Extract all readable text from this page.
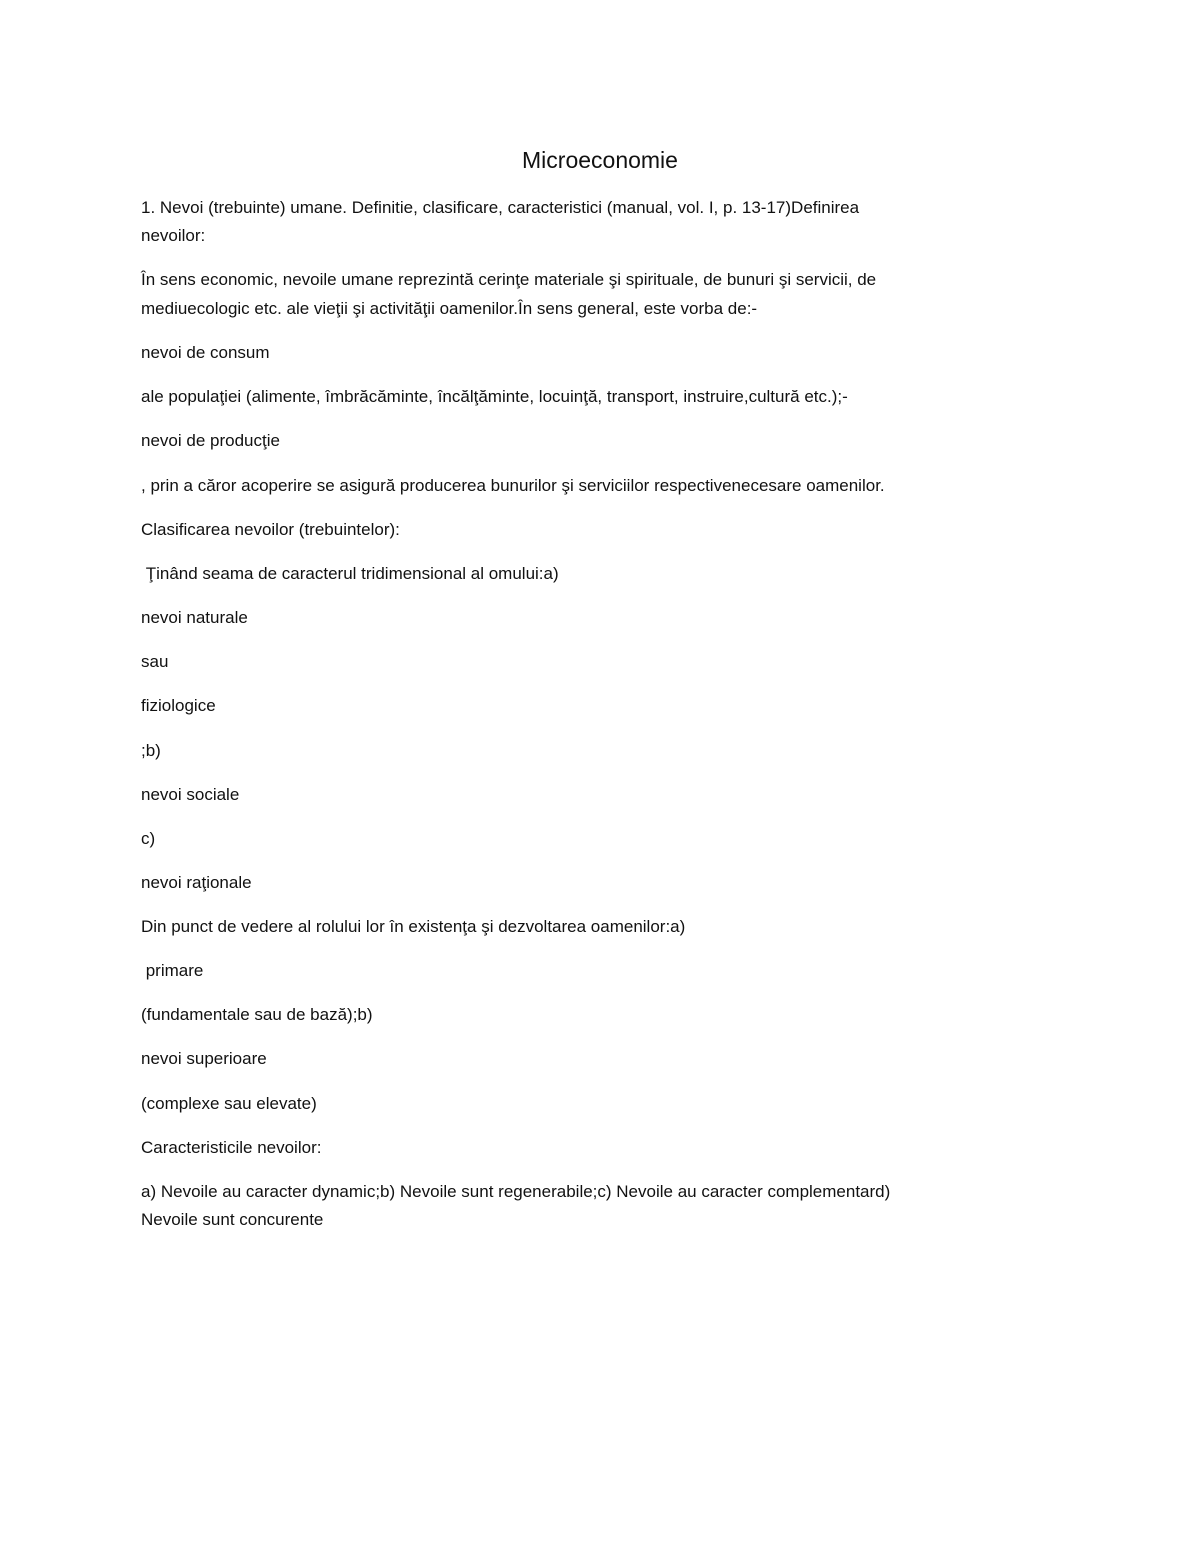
Microeconomie

1. Nevoi (trebuinte) umane. Definitie, clasificare, caracteristici (manual, vol. I, p. 13-17)Definirea

nevoilor:

În sens economic, nevoile umane reprezintă cerinţe materiale şi spirituale, de bunuri şi servicii, de

mediuecologic etc. ale vieţii şi activităţii oamenilor.În sens general, este vorba de:-

nevoi de consum

ale populaţiei (alimente, îmbrăcăminte, încălţăminte, locuinţă, transport, instruire,cultură etc.);-

nevoi de producţie

, prin a căror acoperire se asigură producerea bunurilor şi serviciilor respectivenecesare oamenilor.

Clasificarea nevoilor (trebuintelor):

Ţinând seama de caracterul tridimensional al omului:a)

nevoi naturale

sau

fiziologice

;b)

nevoi sociale

c)

nevoi raţionale

Din punct de vedere al rolului lor în existenţa şi dezvoltarea oamenilor:a)

primare

(fundamentale sau de bază);b)

nevoi superioare

(complexe sau elevate)

Caracteristicile nevoilor:

a) Nevoile au caracter dynamic;b) Nevoile sunt regenerabile;c) Nevoile au caracter complementard)

Nevoile sunt concurente
